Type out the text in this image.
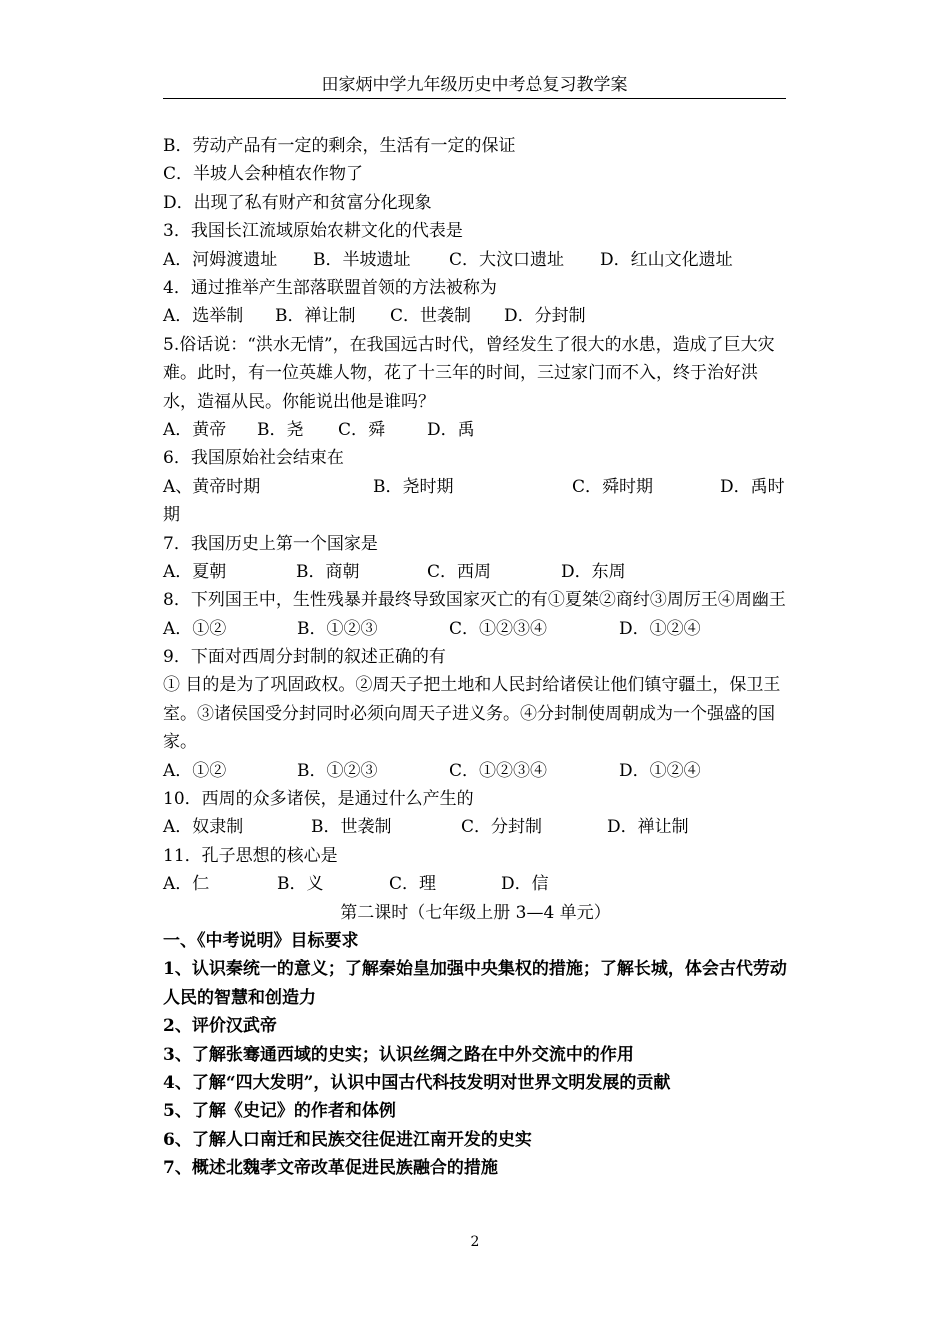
田家炳中学九年级历史中考总复习教学案
B．劳动产品有一定的剩余，生活有一定的保证
C．半坡人会种植农作物了
D．出现了私有财产和贫富分化现象
3．我国长江流域原始农耕文化的代表是
A．河姆渡遗址	B．半坡遗址	C．大汶口遗址	D．红山文化遗址
4．通过推举产生部落联盟首领的方法被称为
A．选举制	B．禅让制	C．世袭制	D．分封制
5.俗话说：“洪水无情”，在我国远古时代，曾经发生了很大的水患，造成了巨大灾难。此时，有一位英雄人物，花了十三年的时间，三过家门而不入，终于治好洪水，造福从民。你能说出他是谁吗？
A．黄帝	B．尧	C．舜	D．禹
6．我国原始社会结束在
A、黄帝时期	B．尧时期	C．舜时期	D．禹时
期
7．我国历史上第一个国家是
A．夏朝	B．商朝	C．西周	D．东周
8．下列国王中，生性残暴并最终导致国家灭亡的有①夏桀②商纣③周厉王④周幽王
A．①②	B．①②③	C．①②③④	D．①②④
9．下面对西周分封制的叙述正确的有
① 目的是为了巩固政权。②周天子把土地和人民封给诸侯让他们镇守疆土，保卫王室。③诸侯国受分封同时必须向周天子进义务。④分封制使周朝成为一个强盛的国家。
A．①②	B．①②③	C．①②③④	D．①②④
10．西周的众多诸侯，是通过什么产生的
A．奴隶制	B．世袭制	C．分封制	D．禅让制
11．孔子思想的核心是
A．仁	B．义	C．理	D．信
第二课时（七年级上册 3—4 单元）
一、《中考说明》目标要求
1、认识秦统一的意义；了解秦始皇加强中央集权的措施；了解长城，体会古代劳动人民的智慧和创造力
2、评价汉武帝
3、了解张骞通西域的史实；认识丝绸之路在中外交流中的作用
4、了解“四大发明”，认识中国古代科技发明对世界文明发展的贡献
5、了解《史记》的作者和体例
6、了解人口南迁和民族交往促进江南开发的史实
7、概述北魏孝文帝改革促进民族融合的措施
2
